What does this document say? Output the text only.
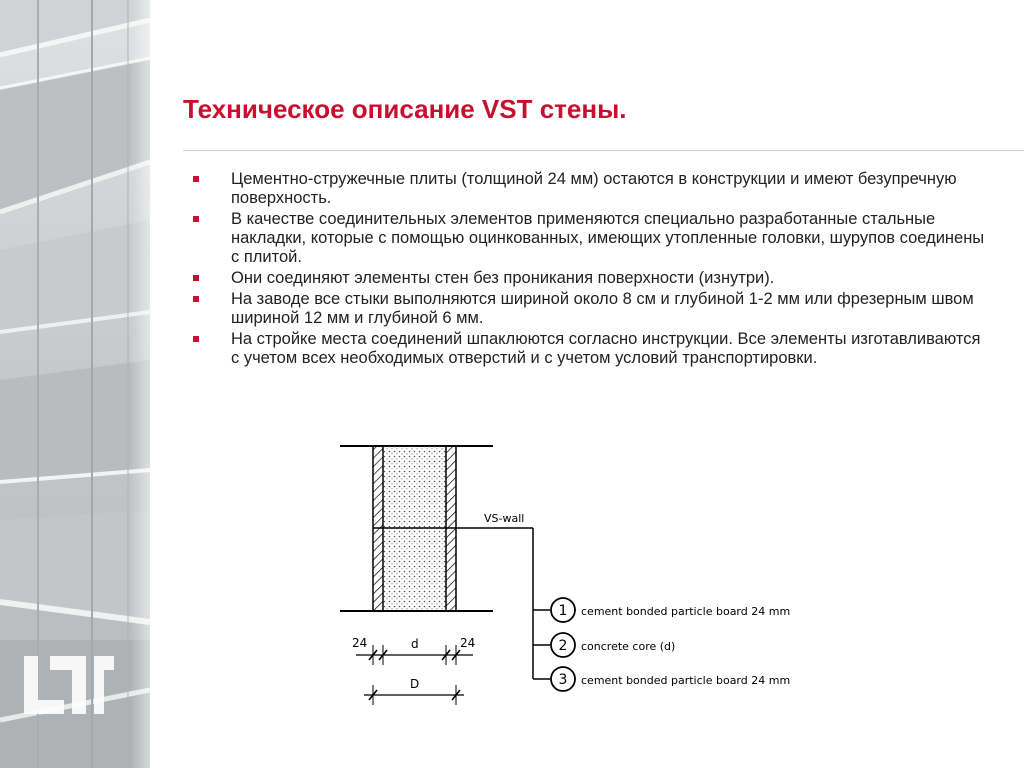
Техническое описание VST стены.
Цементно-стружечные плиты (толщиной 24 мм) остаются в конструкции и имеют безупречную поверхность.
В качестве соединительных элементов применяются специально разработанные стальные накладки, которые с помощью оцинкованных, имеющих утопленные головки, шурупов соединены с плитой.
Они соединяют элементы стен без проникания поверхности (изнутри).
На заводе все стыки выполняются шириной около 8 см и глубиной 1-2 мм или фрезерным швом шириной 12 мм и глубиной 6 мм.
На стройке места соединений шпаклюются согласно инструкции. Все элементы изготавливаются с учетом всех необходимых отверстий и с учетом условий транспортировки.
VS-wall
1 cement bonded particle board 24 mm
2 concrete core (d)
3 cement bonded particle board 24 mm
24	d	24
D
